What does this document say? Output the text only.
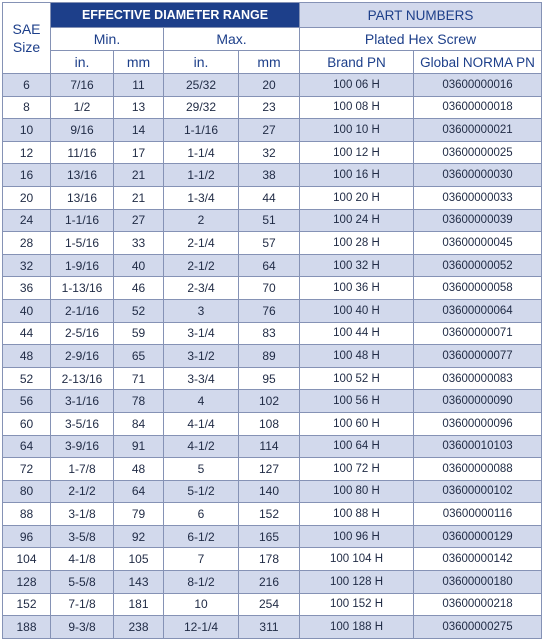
SAE
Size	EFFECTIVE DIAMETER RANGE				PART NUMBERS	
	Min.		Max.		Plated Hex Screw	
	in.	mm	in.	mm	Brand PN	Global NORMA PN
6	7/16	11	25/32	20	100 06 H	03600000016
8	1/2	13	29/32	23	100 08 H	03600000018
10	9/16	14	1-1/16	27	100 10 H	03600000021
12	11/16	17	1-1/4	32	100 12 H	03600000025
16	13/16	21	1-1/2	38	100 16 H	03600000030
20	13/16	21	1-3/4	44	100 20 H	03600000033
24	1-1/16	27	2	51	100 24 H	03600000039
28	1-5/16	33	2-1/4	57	100 28 H	03600000045
32	1-9/16	40	2-1/2	64	100 32 H	03600000052
36	1-13/16	46	2-3/4	70	100 36 H	03600000058
40	2-1/16	52	3	76	100 40 H	03600000064
44	2-5/16	59	3-1/4	83	100 44 H	03600000071
48	2-9/16	65	3-1/2	89	100 48 H	03600000077
52	2-13/16	71	3-3/4	95	100 52 H	03600000083
56	3-1/16	78	4	102	100 56 H	03600000090
60	3-5/16	84	4-1/4	108	100 60 H	03600000096
64	3-9/16	91	4-1/2	114	100 64 H	03600010103
72	1-7/8	48	5	127	100 72 H	03600000088
80	2-1/2	64	5-1/2	140	100 80 H	03600000102
88	3-1/8	79	6	152	100 88 H	03600000116
96	3-5/8	92	6-1/2	165	100 96 H	03600000129
104	4-1/8	105	7	178	100 104 H	03600000142
128	5-5/8	143	8-1/2	216	100 128 H	03600000180
152	7-1/8	181	10	254	100 152 H	03600000218
188	9-3/8	238	12-1/4	311	100 188 H	03600000275
